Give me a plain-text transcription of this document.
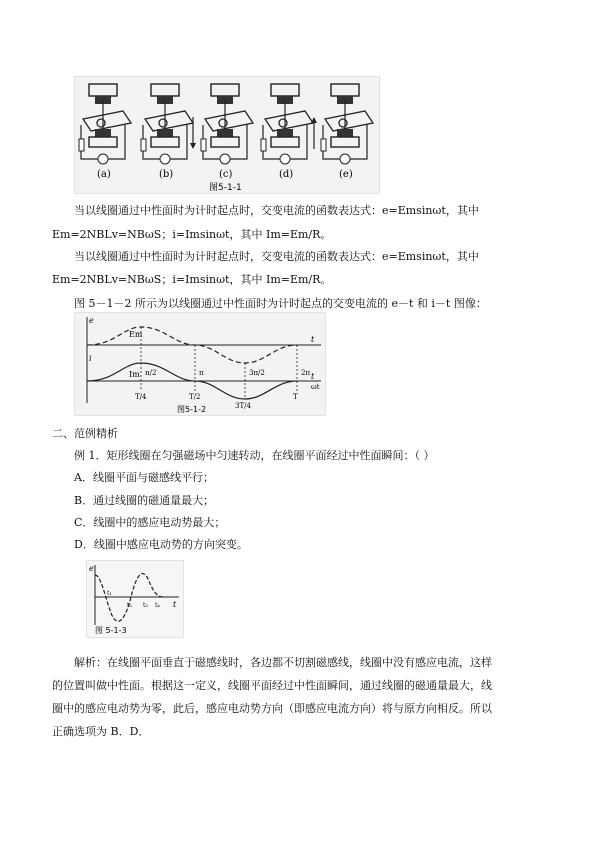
(a)	(b)	(c)	(d)	(e)
图5-1-1

当以线圈通过中性面时为计时起点时，交变电流的函数表达式：e=Emsinωt，其中

Em=2NBLv=NBωS；i=Imsinωt，其中 Im=Em/R。

当以线圈通过中性面时为计时起点时，交变电流的函数表达式：e=Emsinωt，其中

Em=2NBLv=NBωS；i=Imsinωt，其中 Im=Em/R。

图 5－1－2 所示为以线圈通过中性面时为计时起点的交变电流的 e－t 和 i－t 图像：

e
Em
t
i
Im	t
π/2	π	3π/2	2π
ωt
T/4	T/2
3T/4
T
图5-1-2

二、范例精析

例 1．矩形线圈在匀强磁场中匀速转动，在线圈平面经过中性面瞬间：（ ）

A．线圈平面与磁感线平行；

B．通过线圈的磁通量最大；

C．线圈中的感应电动势最大；

D．线圈中感应电动势的方向突变。

e
t
t₁
t₂ t₃ t₄
图 5-1-3

解析：在线圈平面垂直于磁感线时，各边都不切割磁感线，线圈中没有感应电流，这样

的位置叫做中性面。根据这一定义，线圈平面经过中性面瞬间，通过线圈的磁通量最大，线

圈中的感应电动势为零，此后，感应电动势方向（即感应电流方向）将与原方向相反。所以

正确选项为 B．D．
